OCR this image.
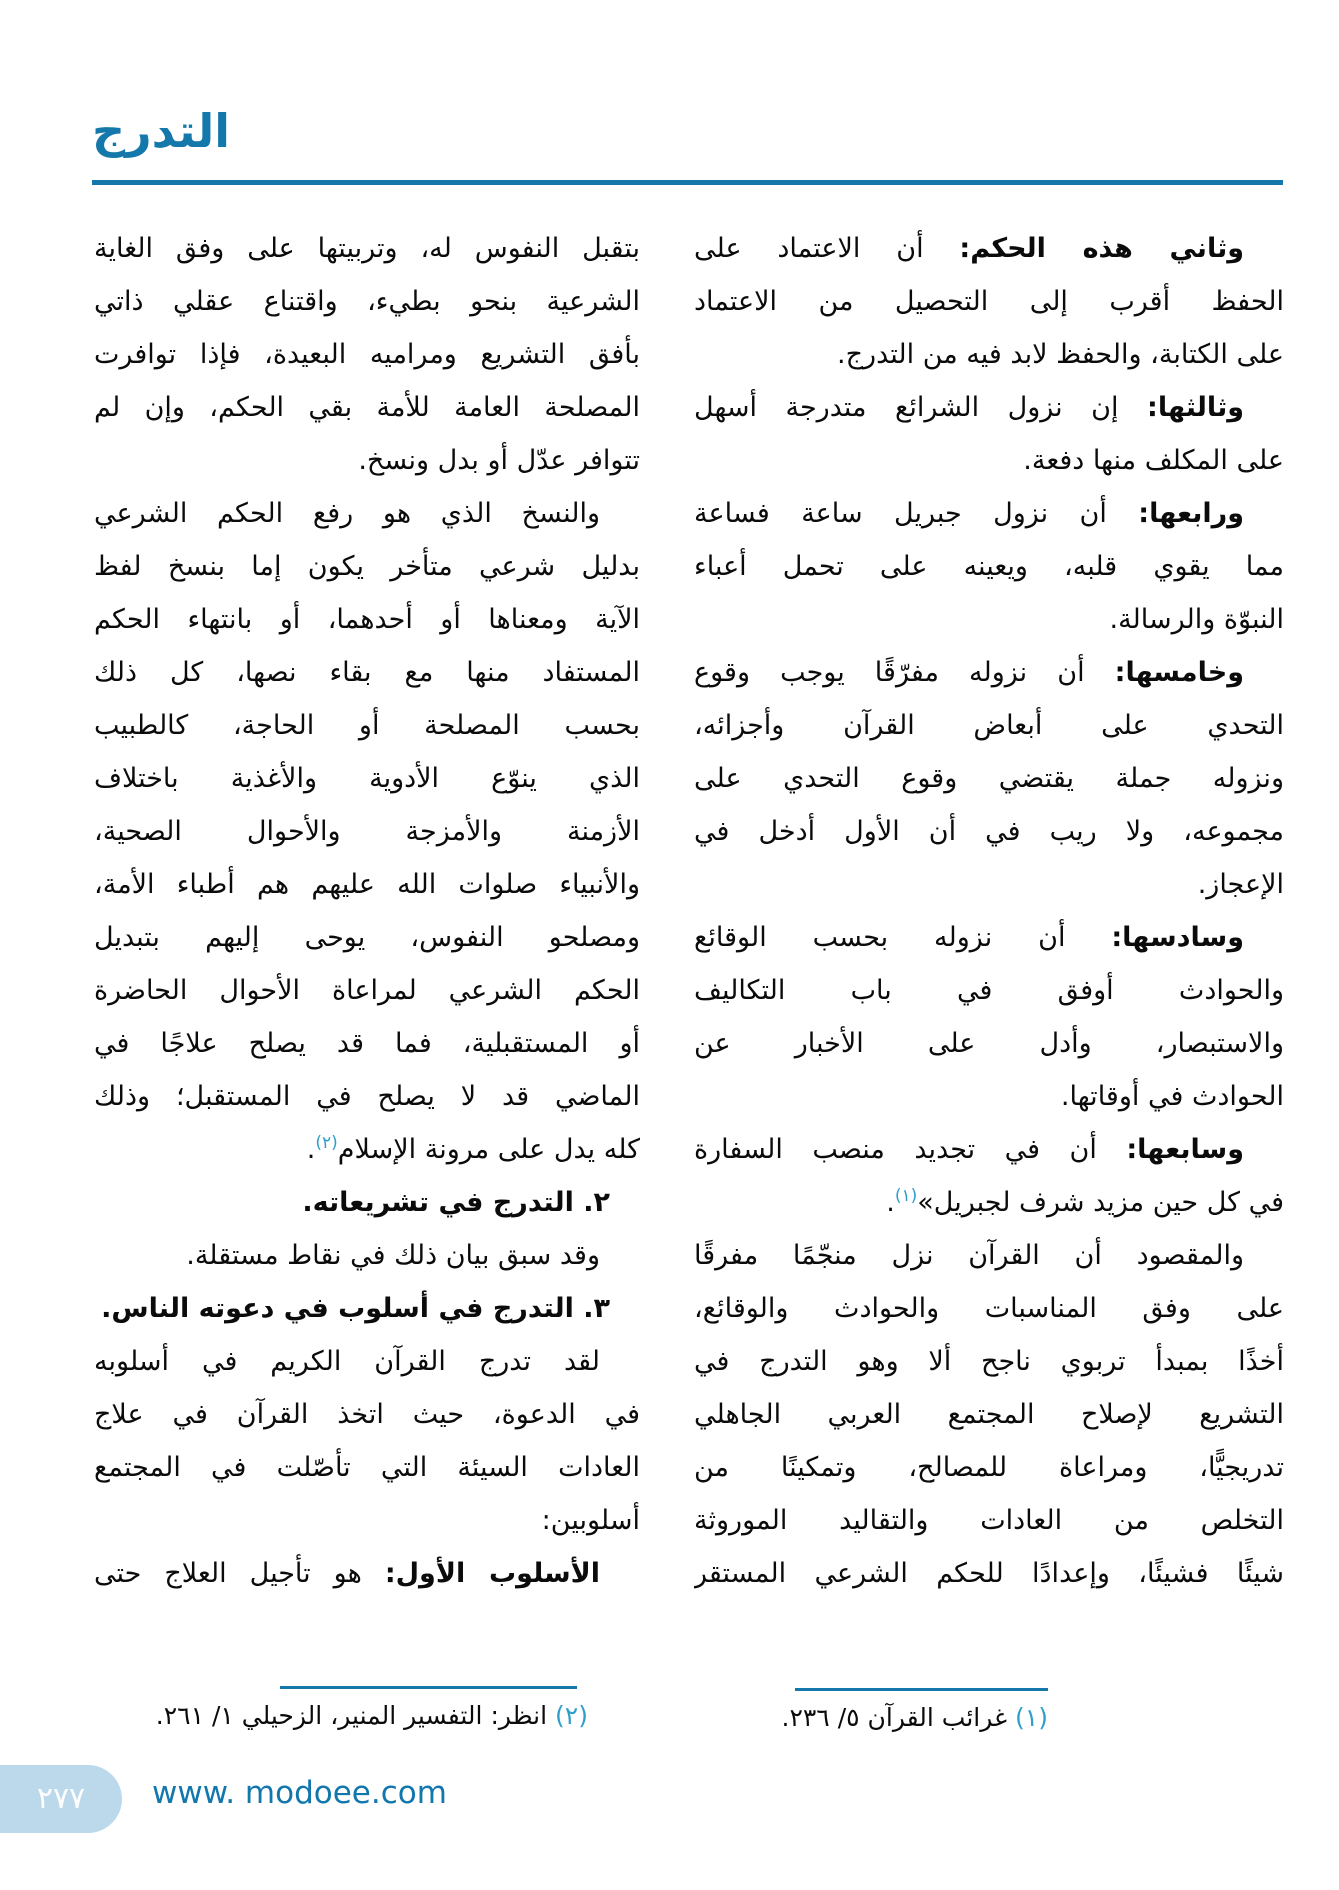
التدرج
وثاني هذه الحكم: أن الاعتماد على
الحفظ أقرب إلى التحصيل من الاعتماد
على الكتابة، والحفظ لابد فيه من التدرج.
وثالثها: إن نزول الشرائع متدرجة أسهل
على المكلف منها دفعة.
ورابعها: أن نزول جبريل ساعة فساعة
مما يقوي قلبه، ويعينه على تحمل أعباء
النبوّة والرسالة.
وخامسها: أن نزوله مفرّقًا يوجب وقوع
التحدي على أبعاض القرآن وأجزائه،
ونزوله جملة يقتضي وقوع التحدي على
مجموعه، ولا ريب في أن الأول أدخل في
الإعجاز.
وسادسها: أن نزوله بحسب الوقائع
والحوادث أوفق في باب التكاليف
والاستبصار، وأدل على الأخبار عن
الحوادث في أوقاتها.
وسابعها: أن في تجديد منصب السفارة
في كل حين مزيد شرف لجبريل»$^{(١)}$.
والمقصود أن القرآن نزل منجّمًا مفرقًا
على وفق المناسبات والحوادث والوقائع،
أخذًا بمبدأ تربوي ناجح ألا وهو التدرج في
التشريع لإصلاح المجتمع العربي الجاهلي
تدريجيًّا، ومراعاة للمصالح، وتمكينًا من
التخلص من العادات والتقاليد الموروثة
شيئًا فشيئًا، وإعدادًا للحكم الشرعي المستقر
بتقبل النفوس له، وتربيتها على وفق الغاية
الشرعية بنحو بطيء، واقتناع عقلي ذاتي
بأفق التشريع ومراميه البعيدة، فإذا توافرت
المصلحة العامة للأمة بقي الحكم، وإن لم
تتوافر عدّل أو بدل ونسخ.
والنسخ الذي هو رفع الحكم الشرعي
بدليل شرعي متأخر يكون إما بنسخ لفظ
الآية ومعناها أو أحدهما، أو بانتهاء الحكم
المستفاد منها مع بقاء نصها، كل ذلك
بحسب المصلحة أو الحاجة، كالطبيب
الذي ينوّع الأدوية والأغذية باختلاف
الأزمنة والأمزجة والأحوال الصحية،
والأنبياء صلوات الله عليهم هم أطباء الأمة،
ومصلحو النفوس، يوحى إليهم بتبديل
الحكم الشرعي لمراعاة الأحوال الحاضرة
أو المستقبلية، فما قد يصلح علاجًا في
الماضي قد لا يصلح في المستقبل؛ وذلك
كله يدل على مرونة الإسلام$^{(٢)}$.
٢. التدرج في تشريعاته.
وقد سبق بيان ذلك في نقاط مستقلة.
٣. التدرج في أسلوب في دعوته الناس.
لقد تدرج القرآن الكريم في أسلوبه
في الدعوة، حيث اتخذ القرآن في علاج
العادات السيئة التي تأصّلت في المجتمع
أسلوبين:
الأسلوب الأول: هو تأجيل العلاج حتى
(١) غرائب القرآن ٥/ ٢٣٦.
(٢) انظر: التفسير المنير، الزحيلي ١/ ٢٦١.
٢٧٧ www. modoee.com
